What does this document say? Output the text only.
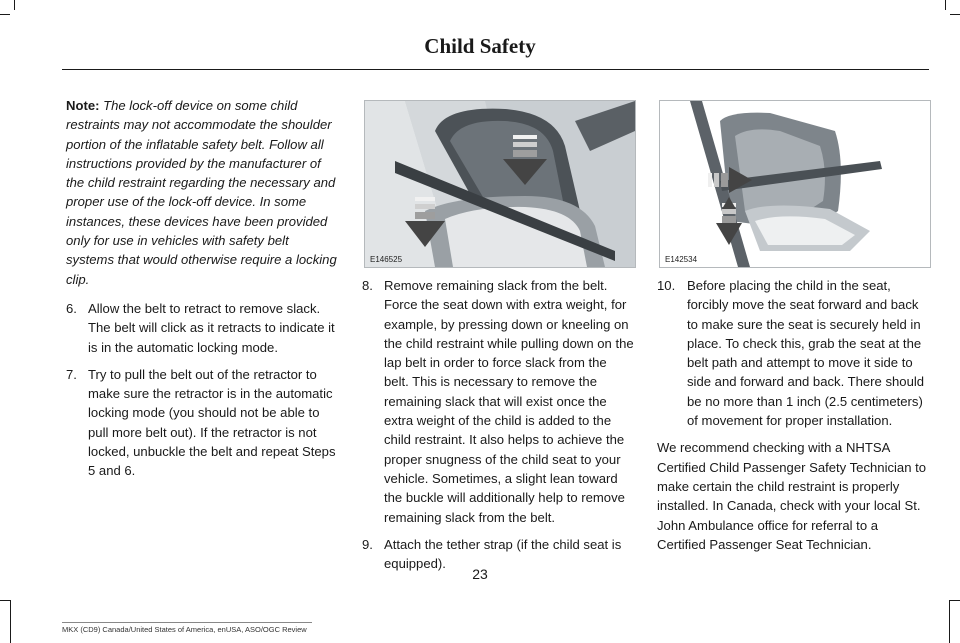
Child Safety

Note: The lock-off device on some child restraints may not accommodate the shoulder portion of the inflatable safety belt. Follow all instructions provided by the manufacturer of the child restraint regarding the necessary and proper use of the lock-off device. In some instances, these devices have been provided only for use in vehicles with safety belt systems that would otherwise require a locking clip.

6. Allow the belt to retract to remove slack. The belt will click as it retracts to indicate it is in the automatic locking mode.
7. Try to pull the belt out of the retractor to make sure the retractor is in the automatic locking mode (you should not be able to pull more belt out). If the retractor is not locked, unbuckle the belt and repeat Steps 5 and 6.
E146525	E142534
8. Remove remaining slack from the belt. Force the seat down with extra weight, for example, by pressing down or kneeling on the child restraint while pulling down on the lap belt in order to force slack from the belt. This is necessary to remove the remaining slack that will exist once the extra weight of the child is added to the child restraint. It also helps to achieve the proper snugness of the child seat to your vehicle. Sometimes, a slight lean toward the buckle will additionally help to remove remaining slack from the belt.
9. Attach the tether strap (if the child seat is equipped).
10. Before placing the child in the seat, forcibly move the seat forward and back to make sure the seat is securely held in place. To check this, grab the seat at the belt path and attempt to move it side to side and forward and back. There should be no more than 1 inch (2.5 centimeters) of movement for proper installation.

We recommend checking with a NHTSA Certified Child Passenger Safety Technician to make certain the child restraint is properly installed. In Canada, check with your local St. John Ambulance office for referral to a Certified Passenger Seat Technician.

23
MKX (CD9) Canada/United States of America, enUSA, ASO/OGC Review
